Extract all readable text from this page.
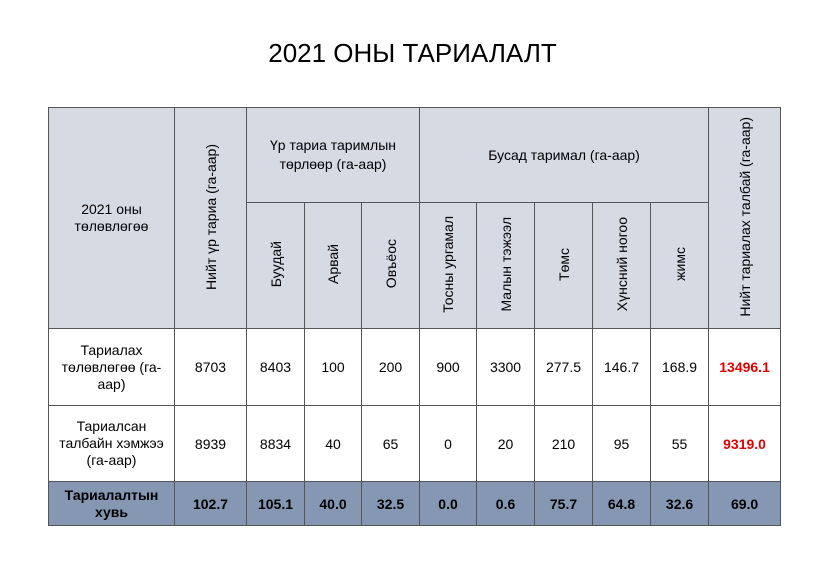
2021 ОНЫ ТАРИАЛАЛТ
2021 оны төлөвлөгөө	Нийт үр тариа (га-аар)	Үр тариа таримлын төрлөөр (га-аар)			Бусад таримал (га-аар)					Нийт тариалах талбай (га-аар)
		Буудай	Арвай	Овъёос	Тосны ургамал	Малын тэжээл	Төмс	Хүнсний ногоо	жимс	

Тариалах төлөвлөгөө (га-аар)	8703	8403	100	200	900	3300	277.5	146.7	168.9	13496.1

Тариалсан талбайн хэмжээ (га-аар)	8939	8834	40	65	0	20	210	95	55	9319.0

Тариалалтын хувь	102.7	105.1	40.0	32.5	0.0	0.6	75.7	64.8	32.6	69.0
